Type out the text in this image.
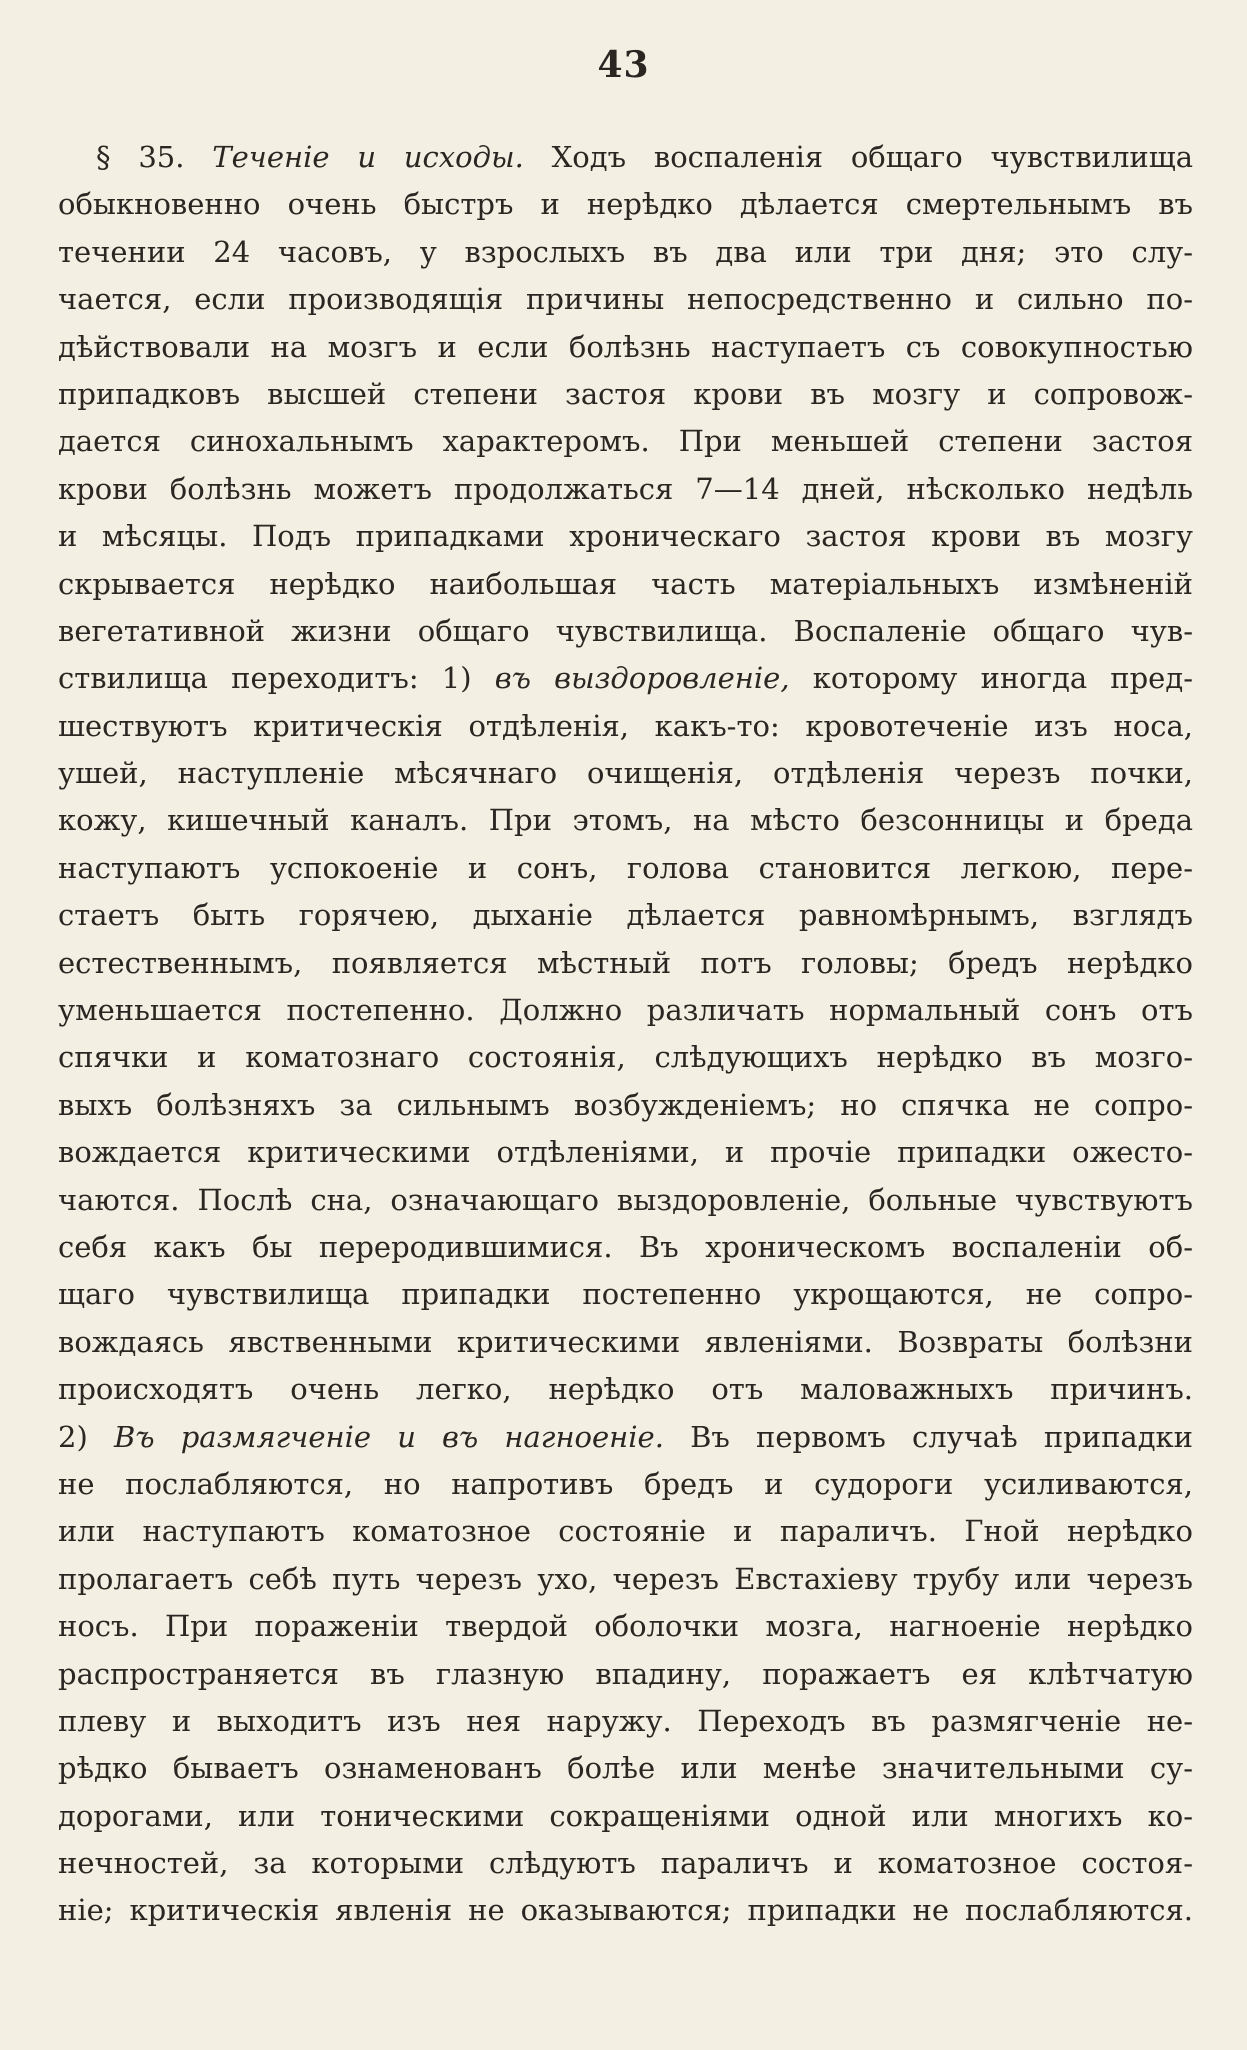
43
§ 35. Теченіе и исходы. Ходъ воспаленія общаго чувствилища
обыкновенно очень быстръ и нерѣдко дѣлается смертельнымъ въ
течении 24 часовъ, у взрослыхъ въ два или три дня; это слу-
чается, если производящія причины непосредственно и сильно по-
дѣйствовали на мозгъ и если болѣзнь наступаетъ съ совокупностью
припадковъ высшей степени застоя крови въ мозгу и сопровож-
дается синохальнымъ характеромъ. При меньшей степени застоя
крови болѣзнь можетъ продолжаться 7—14 дней, нѣсколько недѣль
и мѣсяцы. Подъ припадками хроническаго застоя крови въ мозгу
скрывается нерѣдко наибольшая часть матеріальныхъ измѣненій
вегетативной жизни общаго чувствилища. Воспаленіе общаго чув-
ствилища переходитъ: 1) въ выздоровленіе, которому иногда пред-
шествуютъ критическія отдѣленія, какъ-то: кровотеченіе изъ носа,
ушей, наступленіе мѣсячнаго очищенія, отдѣленія черезъ почки,
кожу, кишечный каналъ. При этомъ, на мѣсто безсонницы и бреда
наступаютъ успокоеніе и сонъ, голова становится легкою, пере-
стаетъ быть горячею, дыханіе дѣлается равномѣрнымъ, взглядъ
естественнымъ, появляется мѣстный потъ головы; бредъ нерѣдко
уменьшается постепенно. Должно различать нормальный сонъ отъ
спячки и коматознаго состоянія, слѣдующихъ нерѣдко въ мозго-
выхъ болѣзняхъ за сильнымъ возбужденіемъ; но спячка не сопро-
вождается критическими отдѣленіями, и прочіе припадки ожесто-
чаются. Послѣ сна, означающаго выздоровленіе, больные чувствуютъ
себя какъ бы переродившимися. Въ хроническомъ воспаленіи об-
щаго чувствилища припадки постепенно укрощаются, не сопро-
вождаясь явственными критическими явленіями. Возвраты болѣзни
происходятъ очень легко, нерѣдко отъ маловажныхъ причинъ.
2) Въ размягченіе и въ нагноеніе. Въ первомъ случаѣ припадки
не послабляются, но напротивъ бредъ и судороги усиливаются,
или наступаютъ коматозное состояніе и параличъ. Гной нерѣдко
пролагаетъ себѣ путь черезъ ухо, черезъ Евстахіеву трубу или черезъ
носъ. При пораженіи твердой оболочки мозга, нагноеніе нерѣдко
распространяется въ глазную впадину, поражаетъ ея клѣтчатую
плеву и выходитъ изъ нея наружу. Переходъ въ размягченіе не-
рѣдко бываетъ ознаменованъ болѣе или менѣе значительными су-
дорогами, или тоническими сокращеніями одной или многихъ ко-
нечностей, за которыми слѣдуютъ параличъ и коматозное состоя-
ніе; критическія явленія не оказываются; припадки не послабляются.
